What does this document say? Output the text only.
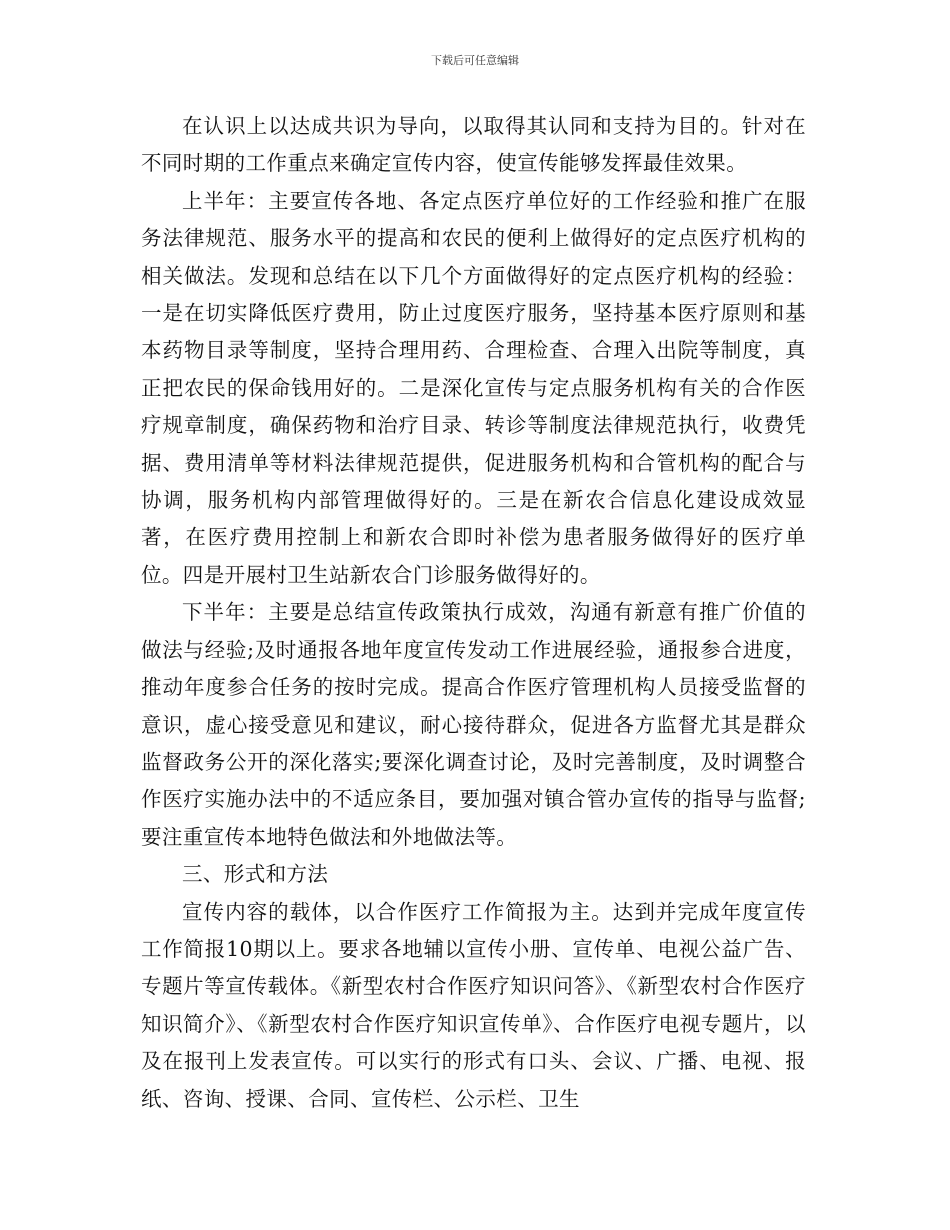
下载后可任意编辑

在认识上以达成共识为导向，以取得其认同和支持为目的。针对在不同时期的工作重点来确定宣传内容，使宣传能够发挥最佳效果。

上半年：主要宣传各地、各定点医疗单位好的工作经验和推广在服务法律规范、服务水平的提高和农民的便利上做得好的定点医疗机构的相关做法。发现和总结在以下几个方面做得好的定点医疗机构的经验：一是在切实降低医疗费用，防止过度医疗服务，坚持基本医疗原则和基本药物目录等制度，坚持合理用药、合理检查、合理入出院等制度，真正把农民的保命钱用好的。二是深化宣传与定点服务机构有关的合作医疗规章制度，确保药物和治疗目录、转诊等制度法律规范执行，收费凭据、费用清单等材料法律规范提供，促进服务机构和合管机构的配合与协调，服务机构内部管理做得好的。三是在新农合信息化建设成效显著，在医疗费用控制上和新农合即时补偿为患者服务做得好的医疗单位。四是开展村卫生站新农合门诊服务做得好的。

下半年：主要是总结宣传政策执行成效，沟通有新意有推广价值的做法与经验;及时通报各地年度宣传发动工作进展经验，通报参合进度，推动年度参合任务的按时完成。提高合作医疗管理机构人员接受监督的意识，虚心接受意见和建议，耐心接待群众，促进各方监督尤其是群众监督政务公开的深化落实;要深化调查讨论，及时完善制度，及时调整合作医疗实施办法中的不适应条目，要加强对镇合管办宣传的指导与监督;要注重宣传本地特色做法和外地做法等。

三、形式和方法

宣传内容的载体，以合作医疗工作简报为主。达到并完成年度宣传工作简报10期以上。要求各地辅以宣传小册、宣传单、电视公益广告、专题片等宣传载体。《新型农村合作医疗知识问答》、《新型农村合作医疗知识简介》、《新型农村合作医疗知识宣传单》、合作医疗电视专题片，以及在报刊上发表宣传。可以实行的形式有口头、会议、广播、电视、报纸、咨询、授课、合同、宣传栏、公示栏、卫生
